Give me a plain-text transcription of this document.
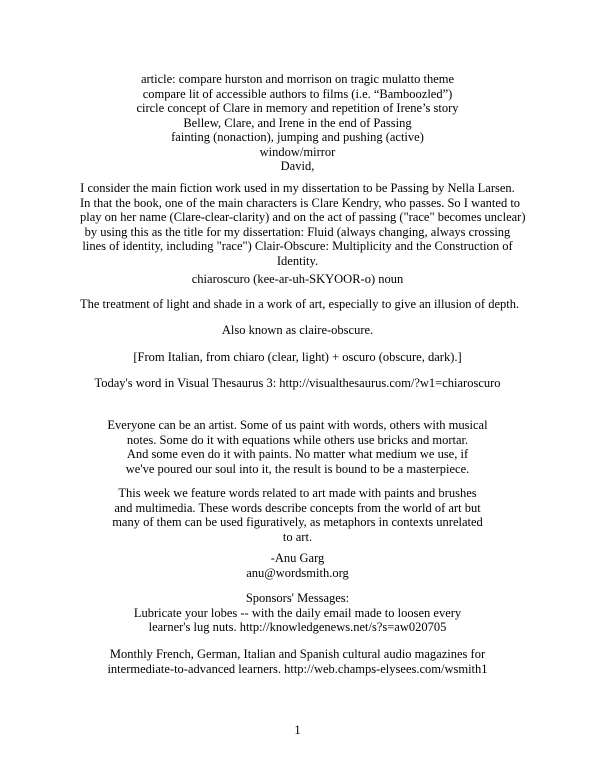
article: compare hurston and morrison on tragic mulatto theme
compare lit of accessible authors to films (i.e. “Bamboozled”)
circle concept of Clare in memory and repetition of Irene’s story
Bellew, Clare, and Irene in the end of Passing
fainting (nonaction), jumping and pushing (active)
window/mirror
David,
I consider the main fiction work used in my dissertation to be Passing by Nella Larsen.
In that the book, one of the main characters is Clare Kendry, who passes. So I wanted to
play on her name (Clare-clear-clarity) and on the act of passing ("race" becomes unclear)
by using this as the title for my dissertation: Fluid (always changing, always crossing
lines of identity, including "race") Clair-Obscure: Multiplicity and the Construction of
Identity.
chiaroscuro (kee-ar-uh-SKYOOR-o) noun
The treatment of light and shade in a work of art, especially to give an illusion of depth.
Also known as claire-obscure.
[From Italian, from chiaro (clear, light) + oscuro (obscure, dark).]
Today's word in Visual Thesaurus 3: http://visualthesaurus.com/?w1=chiaroscuro
Everyone can be an artist. Some of us paint with words, others with musical
notes. Some do it with equations while others use bricks and mortar.
And some even do it with paints. No matter what medium we use, if
we've poured our soul into it, the result is bound to be a masterpiece.
This week we feature words related to art made with paints and brushes
and multimedia. These words describe concepts from the world of art but
many of them can be used figuratively, as metaphors in contexts unrelated
to art.
-Anu Garg
anu@wordsmith.org
Sponsors' Messages:
Lubricate your lobes -- with the daily email made to loosen every
learner's lug nuts. http://knowledgenews.net/s?s=aw020705
Monthly French, German, Italian and Spanish cultural audio magazines for
intermediate-to-advanced learners. http://web.champs-elysees.com/wsmith1
1
